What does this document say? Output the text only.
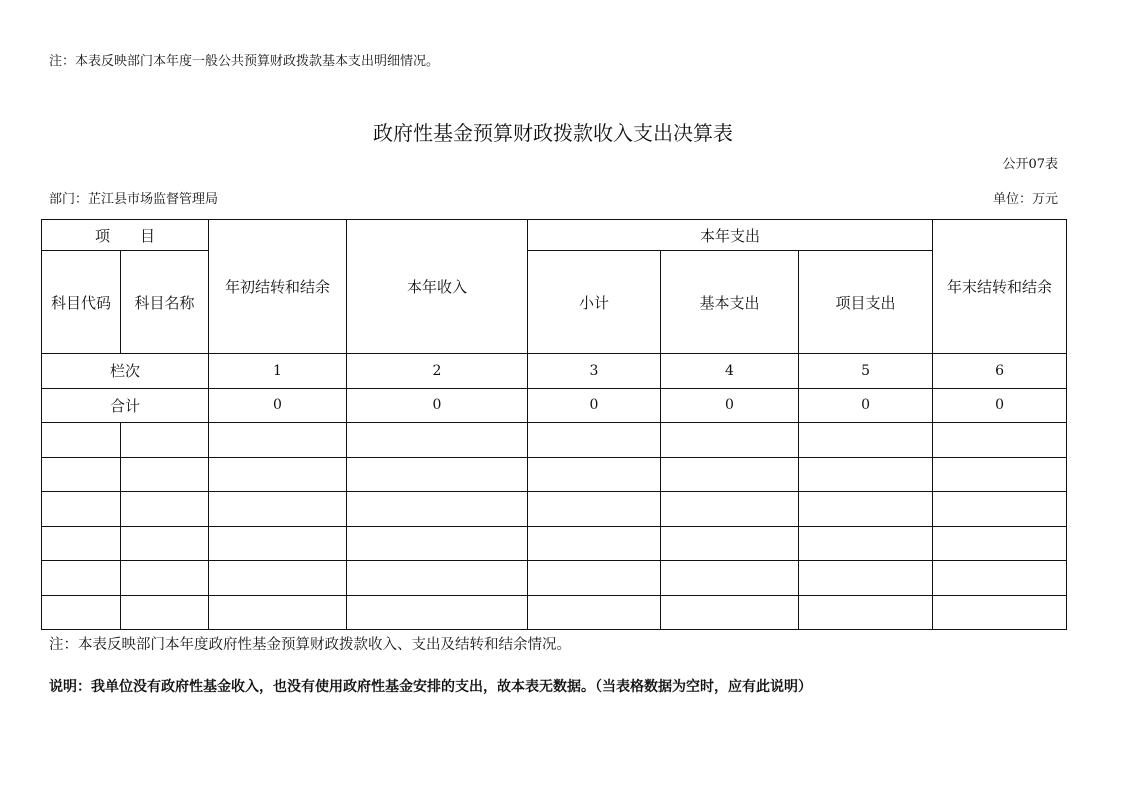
注：本表反映部门本年度一般公共预算财政拨款基本支出明细情况。
政府性基金预算财政拨款收入支出决算表
公开07表
部门：芷江县市场监督管理局	单位：万元
项　　目		年初结转和结余	本年收入	本年支出			年末结转和结余
科目代码	科目名称			小计	基本支出	项目支出	
栏次		1	2	3	4	5	6
合计		0	0	0	0	0	0

注：本表反映部门本年度政府性基金预算财政拨款收入、支出及结转和结余情况。
说明：我单位没有政府性基金收入，也没有使用政府性基金安排的支出，故本表无数据。（当表格数据为空时，应有此说明）
